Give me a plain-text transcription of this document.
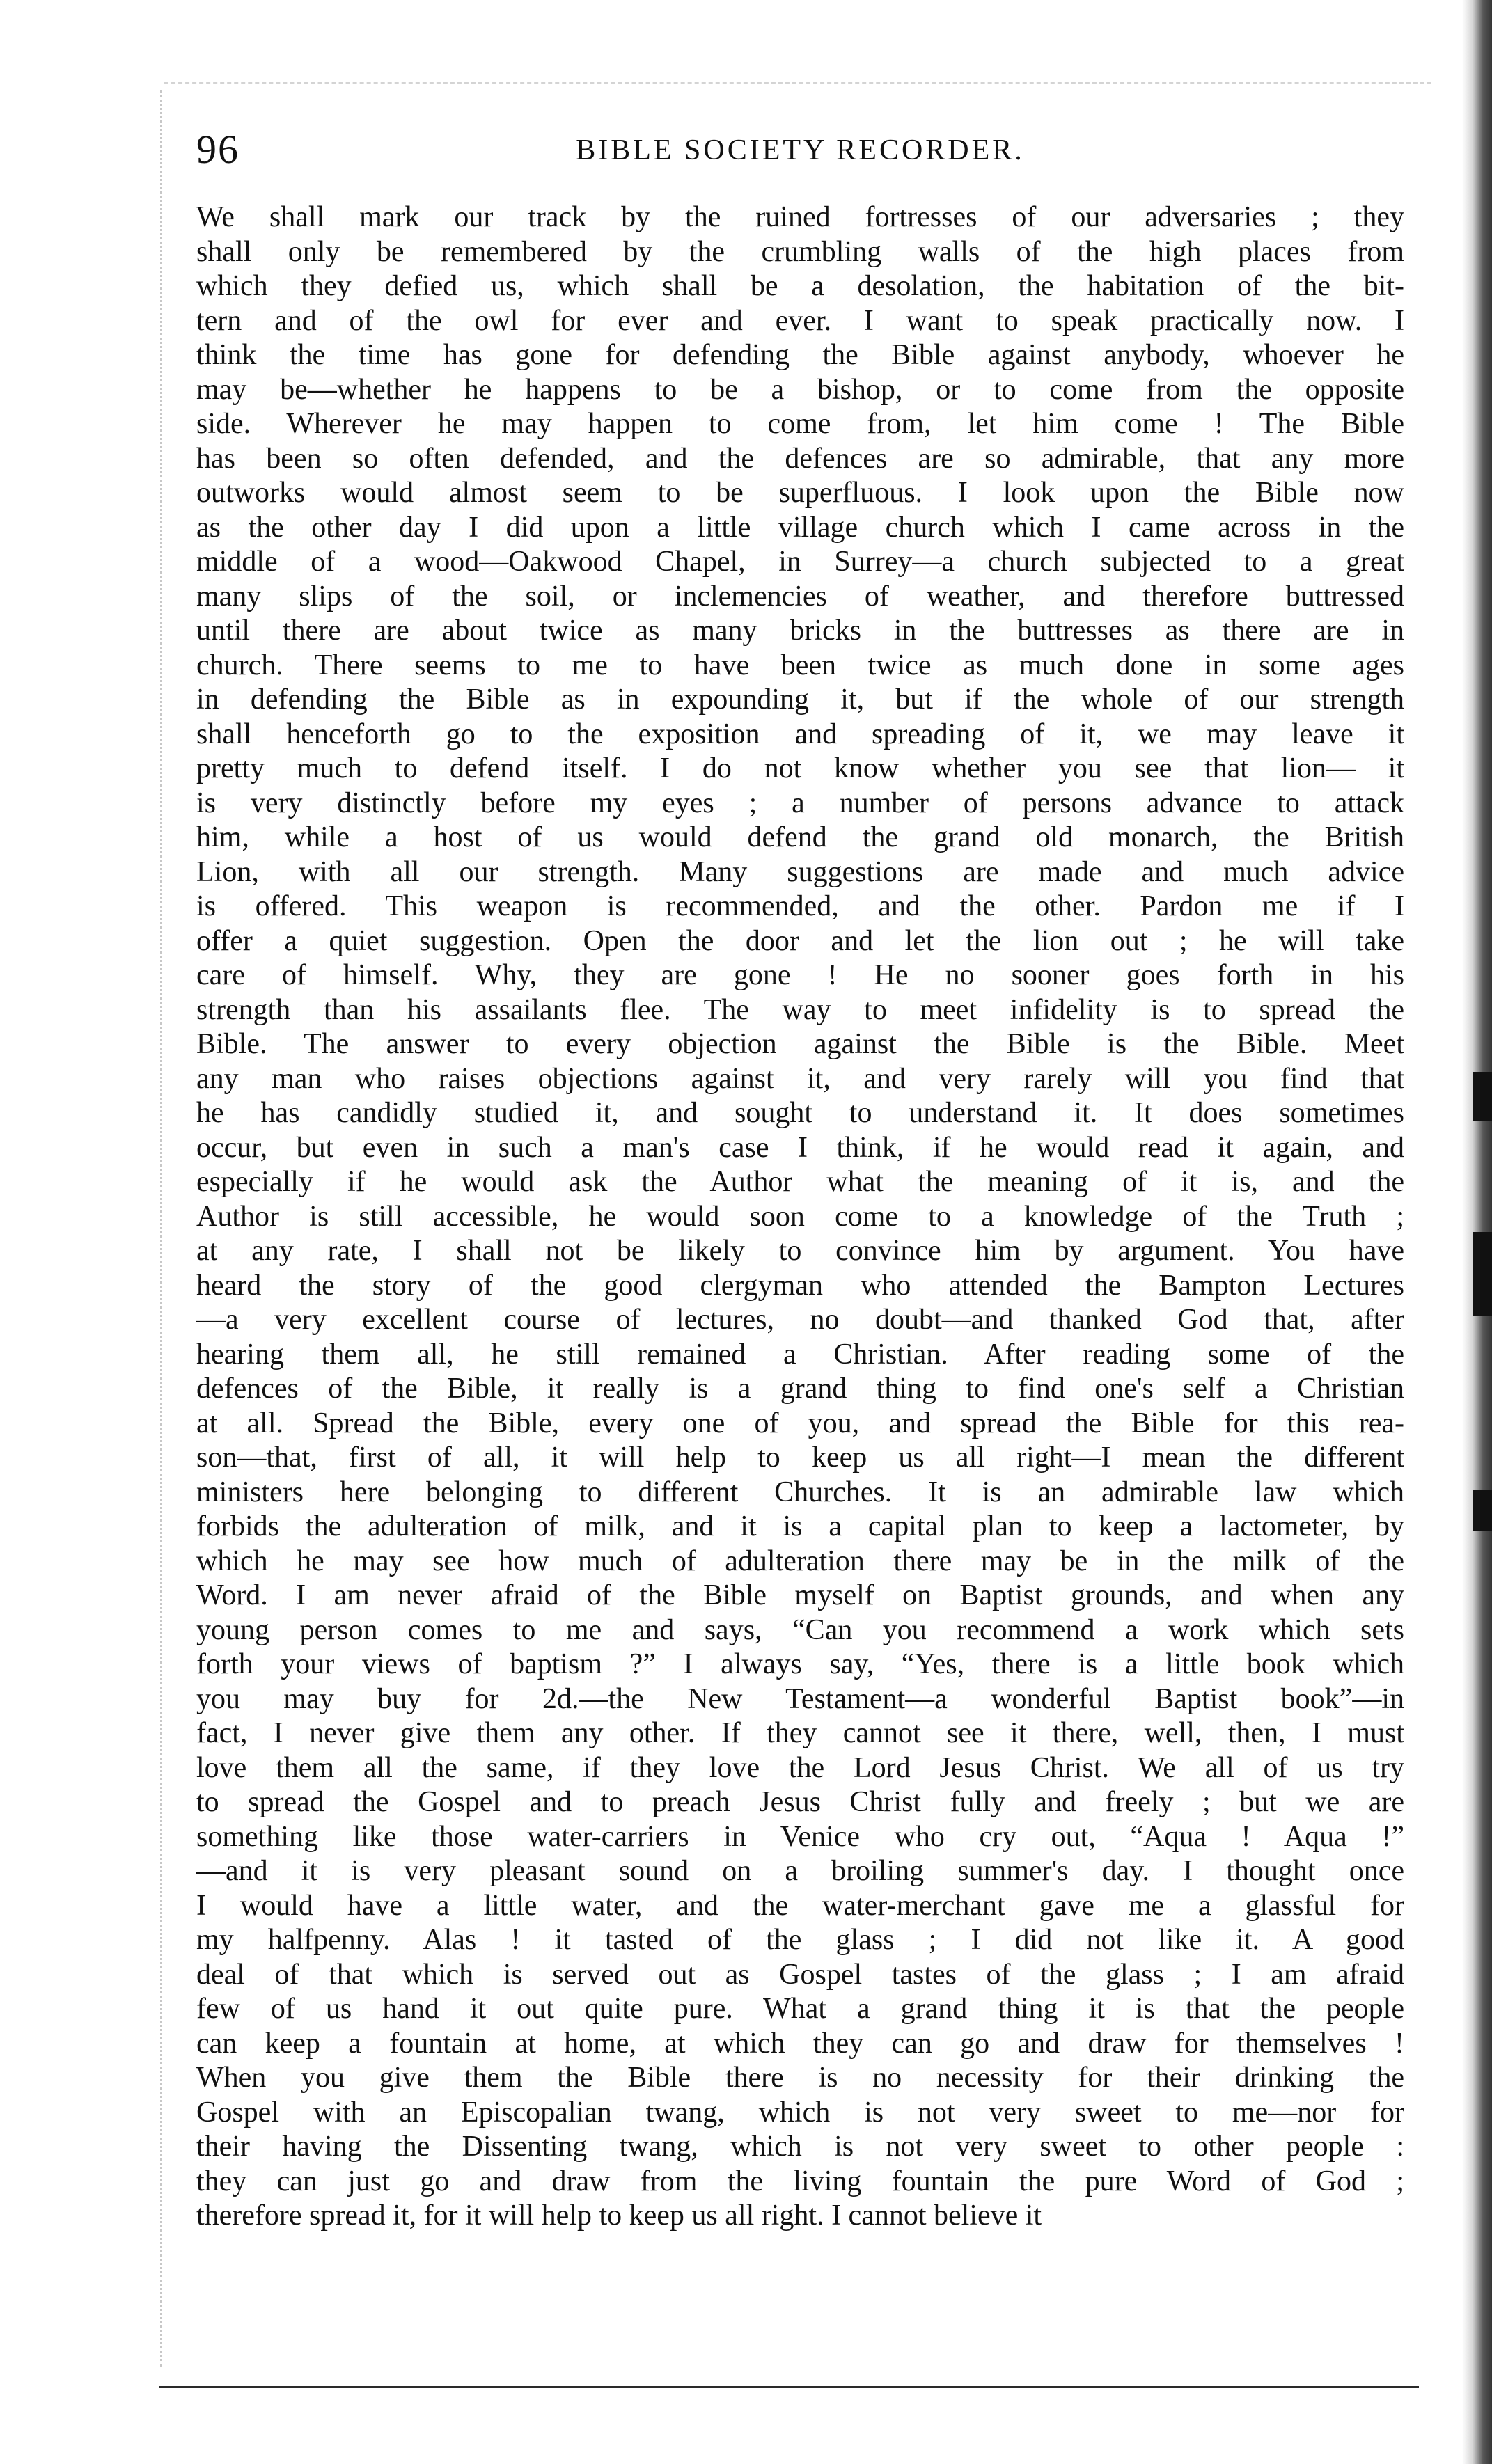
96	BIBLE SOCIETY RECORDER.
We shall mark our track by the ruined fortresses of our adversaries ; they
shall only be remembered by the crumbling walls of the high places from
which they defied us, which shall be a desolation, the habitation of the bit-
tern and of the owl for ever and ever. I want to speak practically now. I
think the time has gone for defending the Bible against anybody, whoever he
may be—whether he happens to be a bishop, or to come from the opposite
side. Wherever he may happen to come from, let him come ! The Bible
has been so often defended, and the defences are so admirable, that any more
outworks would almost seem to be superfluous. I look upon the Bible now
as the other day I did upon a little village church which I came across in the
middle of a wood—Oakwood Chapel, in Surrey—a church subjected to a great
many slips of the soil, or inclemencies of weather, and therefore buttressed
until there are about twice as many bricks in the buttresses as there are in
church. There seems to me to have been twice as much done in some ages
in defending the Bible as in expounding it, but if the whole of our strength
shall henceforth go to the exposition and spreading of it, we may leave it
pretty much to defend itself. I do not know whether you see that lion— it
is very distinctly before my eyes ; a number of persons advance to attack
him, while a host of us would defend the grand old monarch, the British
Lion, with all our strength. Many suggestions are made and much advice
is offered. This weapon is recommended, and the other. Pardon me if I
offer a quiet suggestion. Open the door and let the lion out ; he will take
care of himself. Why, they are gone ! He no sooner goes forth in his
strength than his assailants flee. The way to meet infidelity is to spread the
Bible. The answer to every objection against the Bible is the Bible. Meet
any man who raises objections against it, and very rarely will you find that
he has candidly studied it, and sought to understand it. It does sometimes
occur, but even in such a man's case I think, if he would read it again, and
especially if he would ask the Author what the meaning of it is, and the
Author is still accessible, he would soon come to a knowledge of the Truth ;
at any rate, I shall not be likely to convince him by argument. You have
heard the story of the good clergyman who attended the Bampton Lectures
—a very excellent course of lectures, no doubt—and thanked God that, after
hearing them all, he still remained a Christian. After reading some of the
defences of the Bible, it really is a grand thing to find one's self a Christian
at all. Spread the Bible, every one of you, and spread the Bible for this rea-
son—that, first of all, it will help to keep us all right—I mean the different
ministers here belonging to different Churches. It is an admirable law which
forbids the adulteration of milk, and it is a capital plan to keep a lactometer, by
which he may see how much of adulteration there may be in the milk of the
Word. I am never afraid of the Bible myself on Baptist grounds, and when any
young person comes to me and says, “Can you recommend a work which sets
forth your views of baptism ?” I always say, “Yes, there is a little book which
you may buy for 2d.—the New Testament—a wonderful Baptist book”—in
fact, I never give them any other. If they cannot see it there, well, then, I must
love them all the same, if they love the Lord Jesus Christ. We all of us try
to spread the Gospel and to preach Jesus Christ fully and freely ; but we are
something like those water-carriers in Venice who cry out, “Aqua ! Aqua !”
—and it is very pleasant sound on a broiling summer's day. I thought once
I would have a little water, and the water-merchant gave me a glassful for
my halfpenny. Alas ! it tasted of the glass ; I did not like it. A good
deal of that which is served out as Gospel tastes of the glass ; I am afraid
few of us hand it out quite pure. What a grand thing it is that the people
can keep a fountain at home, at which they can go and draw for themselves !
When you give them the Bible there is no necessity for their drinking the
Gospel with an Episcopalian twang, which is not very sweet to me—nor for
their having the Dissenting twang, which is not very sweet to other people :
they can just go and draw from the living fountain the pure Word of God ;
therefore spread it, for it will help to keep us all right. I cannot believe it
